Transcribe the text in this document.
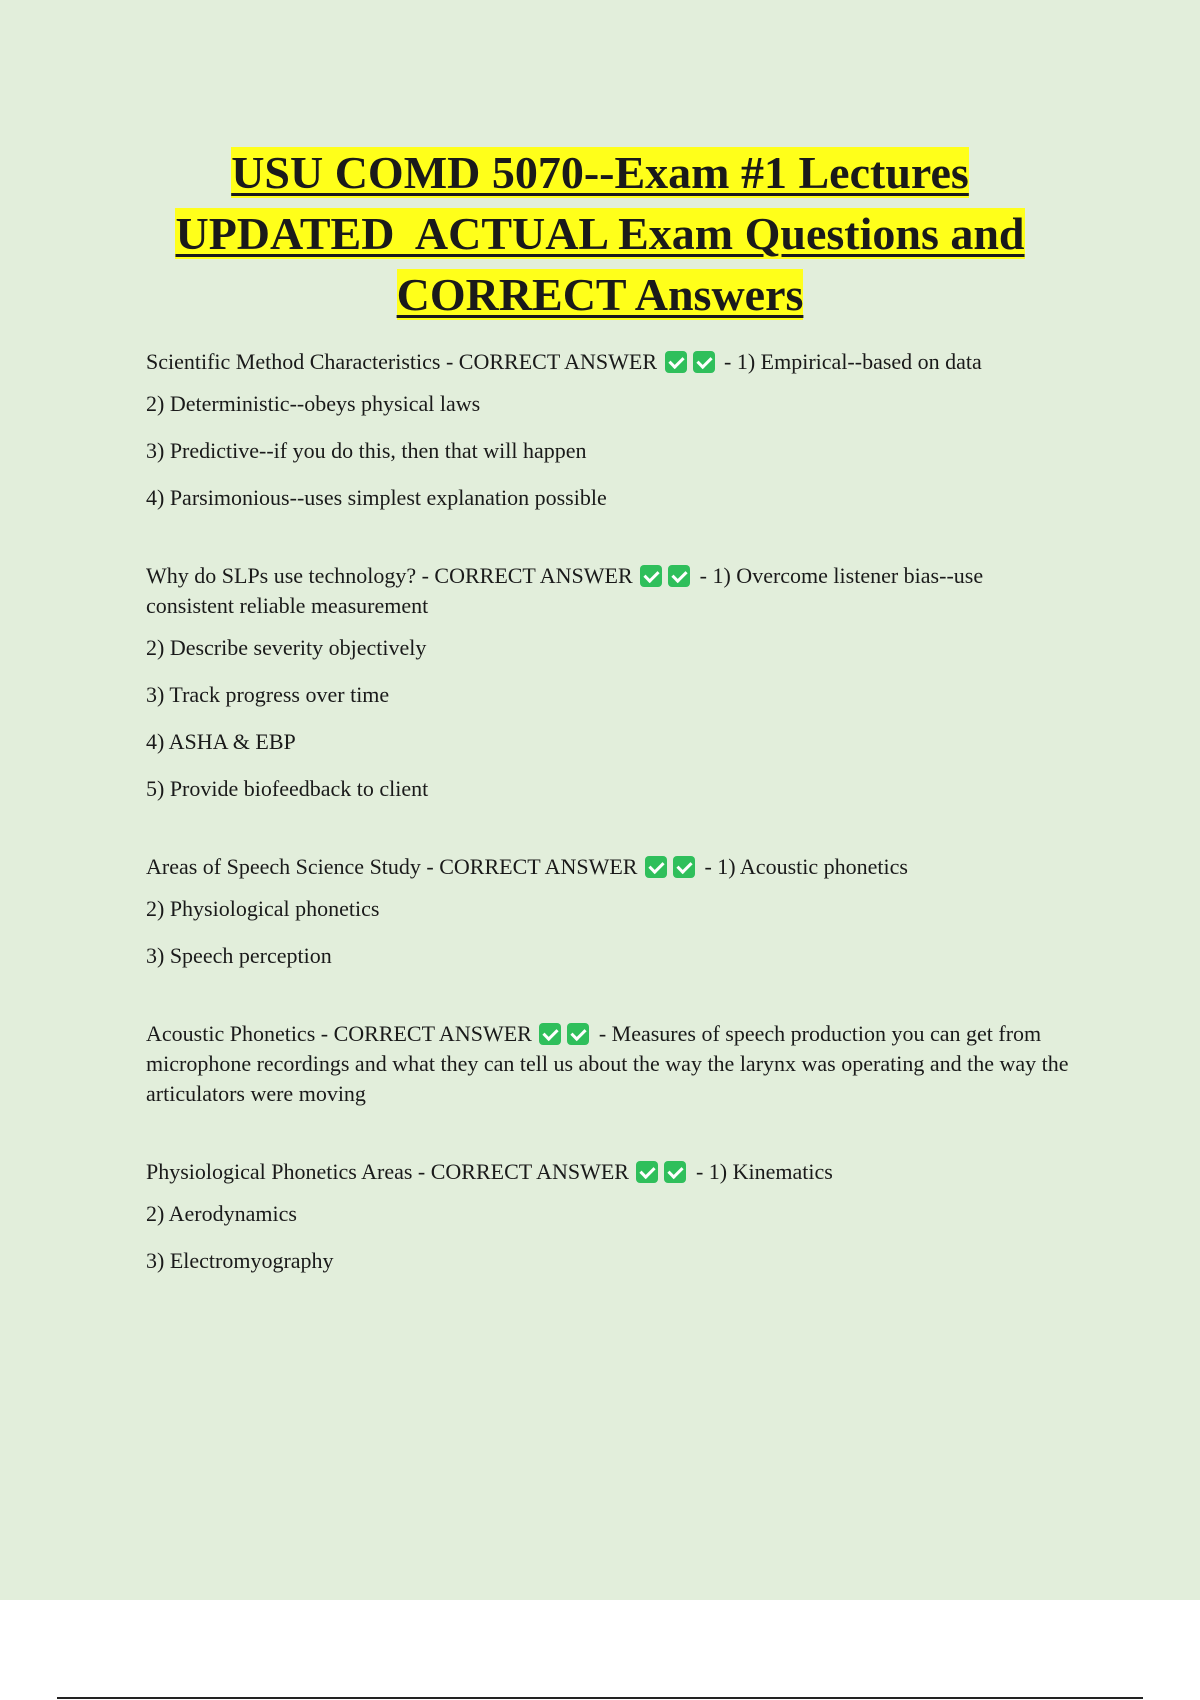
USU COMD 5070--Exam #1 Lectures
UPDATED  ACTUAL Exam Questions and
CORRECT Answers

Scientific Method Characteristics - CORRECT ANSWER	- 1) Empirical--based on data

2) Deterministic--obeys physical laws

3) Predictive--if you do this, then that will happen

4) Parsimonious--uses simplest explanation possible

Why do SLPs use technology? - CORRECT ANSWER	- 1) Overcome listener bias--use consistent reliable measurement

2) Describe severity objectively

3) Track progress over time

4) ASHA & EBP

5) Provide biofeedback to client

Areas of Speech Science Study - CORRECT ANSWER	- 1) Acoustic phonetics

2) Physiological phonetics

3) Speech perception

Acoustic Phonetics - CORRECT ANSWER	- Measures of speech production you can get from microphone recordings and what they can tell us about the way the larynx was operating and the way the articulators were moving

Physiological Phonetics Areas - CORRECT ANSWER	- 1) Kinematics

2) Aerodynamics

3) Electromyography
